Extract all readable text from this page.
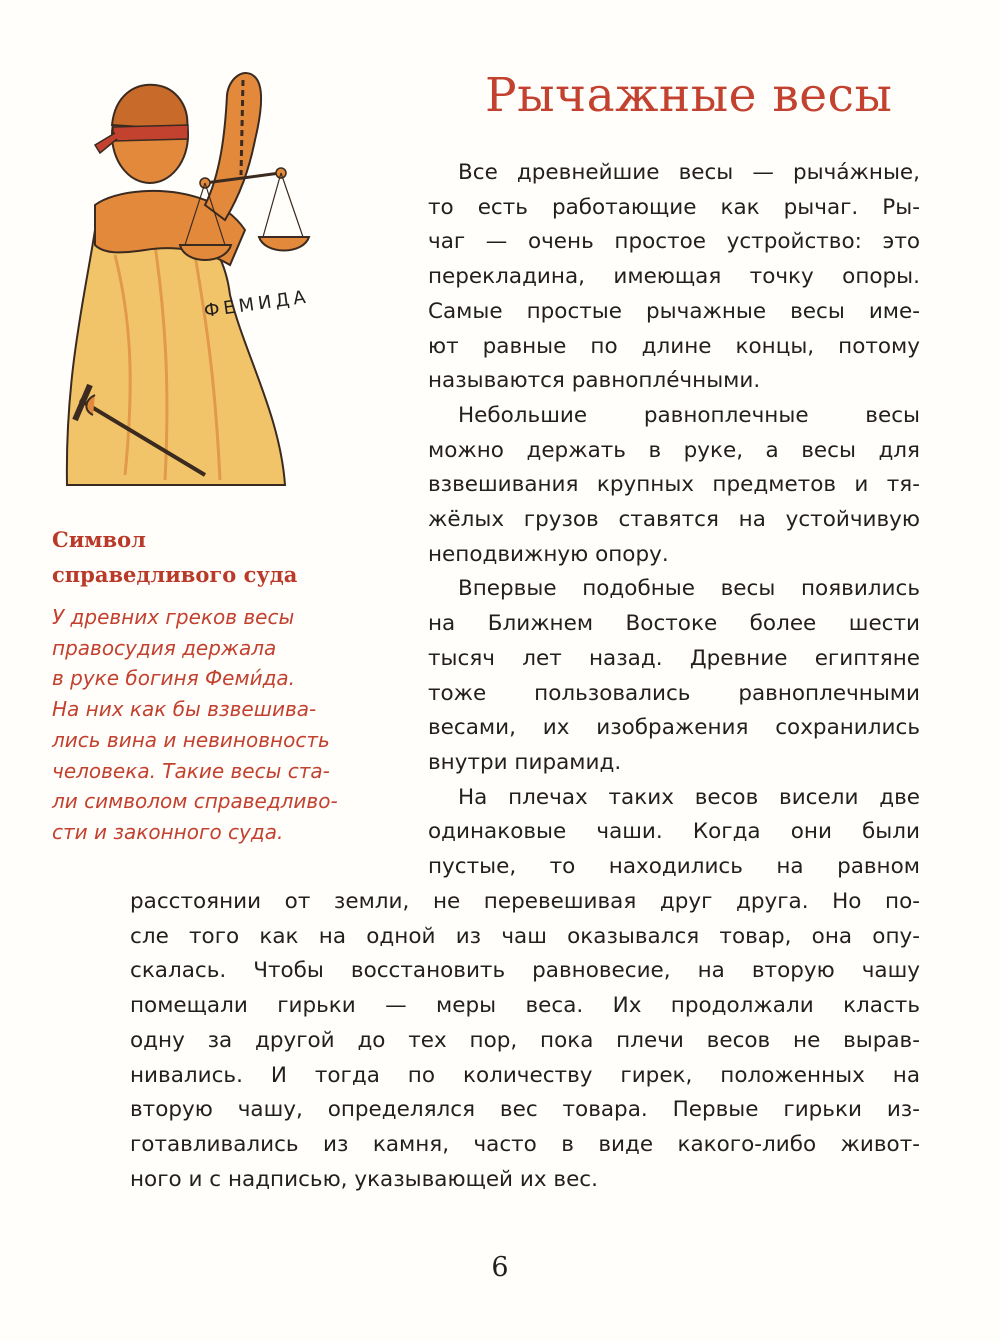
ФЕМИДА
Рычажные весы
Символ
справедливого суда
У древних греков весы
правосудия держала
в руке богиня Феми́да.
На них как бы взвешива-
лись вина и невиновность
человека. Такие весы ста-
ли символом справедливо-
сти и законного суда.
Все древнейшие весы — рыча́жные,
то есть работающие как рычаг. Ры-
чаг — очень простое устройство: это
перекладина, имеющая точку опоры.
Самые простые рычажные весы име-
ют равные по длине концы, потому
называются равнопле́чными.
Небольшие равноплечные весы
можно держать в руке, а весы для
взвешивания крупных предметов и тя-
жёлых грузов ставятся на устойчивую
неподвижную опору.
Впервые подобные весы появились
на Ближнем Востоке более шести
тысяч лет назад. Древние египтяне
тоже пользовались равноплечными
весами, их изображения сохранились
внутри пирамид.
На плечах таких весов висели две
одинаковые чаши. Когда они были
пустые, то находились на равном
расстоянии от земли, не перевешивая друг друга. Но по-
сле того как на одной из чаш оказывался товар, она опу-
скалась. Чтобы восстановить равновесие, на вторую чашу
помещали гирьки — меры веса. Их продолжали класть
одну за другой до тех пор, пока плечи весов не вырав-
нивались. И тогда по количеству гирек, положенных на
вторую чашу, определялся вес товара. Первые гирьки из-
готавливались из камня, часто в виде какого-либо живот-
ного и с надписью, указывающей их вес.
6
